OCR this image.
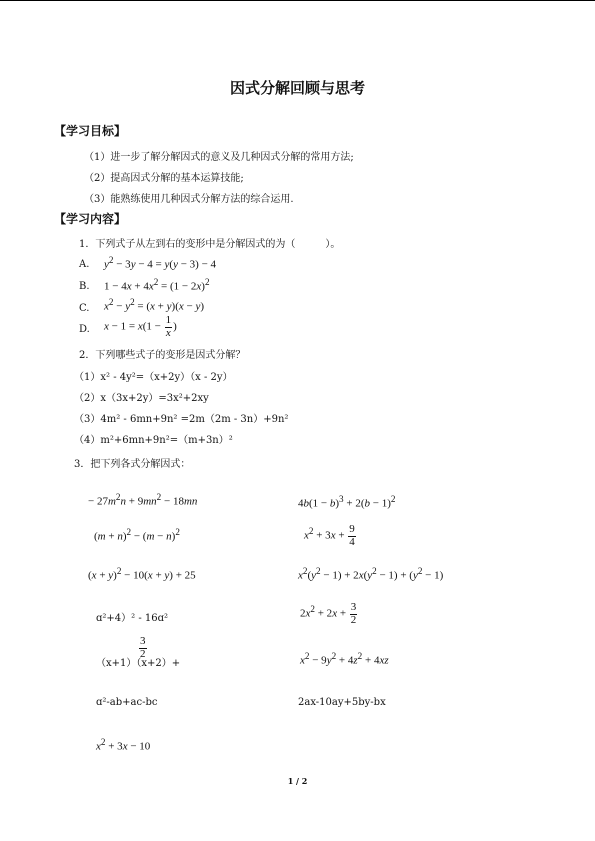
因式分解回顾与思考
【学习目标】
（1）进一步了解分解因式的意义及几种因式分解的常用方法;
（2）提高因式分解的基本运算技能;
（3）能熟练使用几种因式分解方法的综合运用.
【学习内容】
1．下列式子从左到右的变形中是分解因式的为（　　　）。
A. $y^2 - 3y - 4 = y(y - 3) - 4$
B. $1 - 4x + 4x^2 = (1 - 2x)^2$
C. $x^2 - y^2 = (x + y)(x - y)$
D. $x - 1 = x(1 - \frac{1}{x}$ )
2．下列哪些式子的变形是因式分解？
（1）x² - 4y²=（x+2y）（x - 2y）
（2）x（3x+2y）=3x²+2xy
（3）4m² - 6mn+9n² =2m（2m - 3n）+9n²
（4）m²+6mn+9n²=（m+3n）²
3．把下列各式分解因式：
− $27m^2n + 9mn^2 - 18mn$
$(m + n)^2 - (m - n)^2$
$(x + y)^2 - 10(x + y) + 25$
ɑ²+4）² - 16ɑ²
$\frac{3}{2}$
（x+1）（x+2）+
ɑ²-ab+ac-bc
$x^2 + 3x - 10$
$4b(1 - b)^3 + 2(b - 1)^2$
$x^2 + 3x + \frac{9}{4}$
$x^2(y^2 - 1) + 2x(y^2 - 1) + (y^2 - 1)$
$2x^2 + 2x + \frac{3}{2}$
$x^2 - 9y^2 + 4z^2 + 4xz$
2ax-10ay+5by-bx
1 / 2
